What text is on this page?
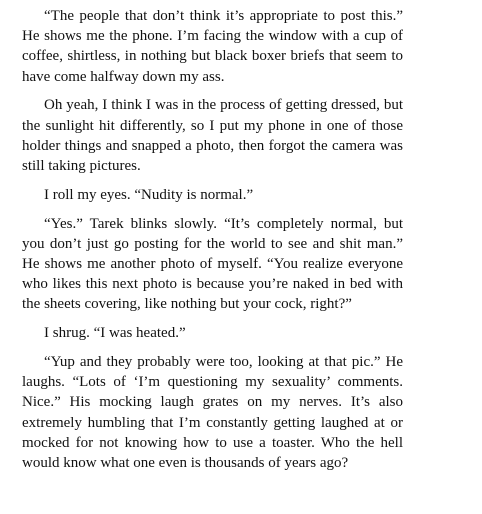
“The people that don’t think it’s appropriate to post this.” He shows me the phone. I’m facing the window with a cup of coffee, shirtless, in nothing but black boxer briefs that seem to have come halfway down my ass.

Oh yeah, I think I was in the process of getting dressed, but the sunlight hit differently, so I put my phone in one of those holder things and snapped a photo, then forgot the camera was still taking pictures.

I roll my eyes. “Nudity is normal.”

“Yes.” Tarek blinks slowly. “It’s completely normal, but you don’t just go posting for the world to see and shit man.” He shows me another photo of myself. “You realize everyone who likes this next photo is because you’re naked in bed with the sheets covering, like nothing but your cock, right?”

I shrug. “I was heated.”

“Yup and they probably were too, looking at that pic.” He laughs. “Lots of ‘I’m questioning my sexuality’ comments. Nice.” His mocking laugh grates on my nerves. It’s also extremely humbling that I’m constantly getting laughed at or mocked for not knowing how to use a toaster. Who the hell would know what one even is thousands of years ago?
